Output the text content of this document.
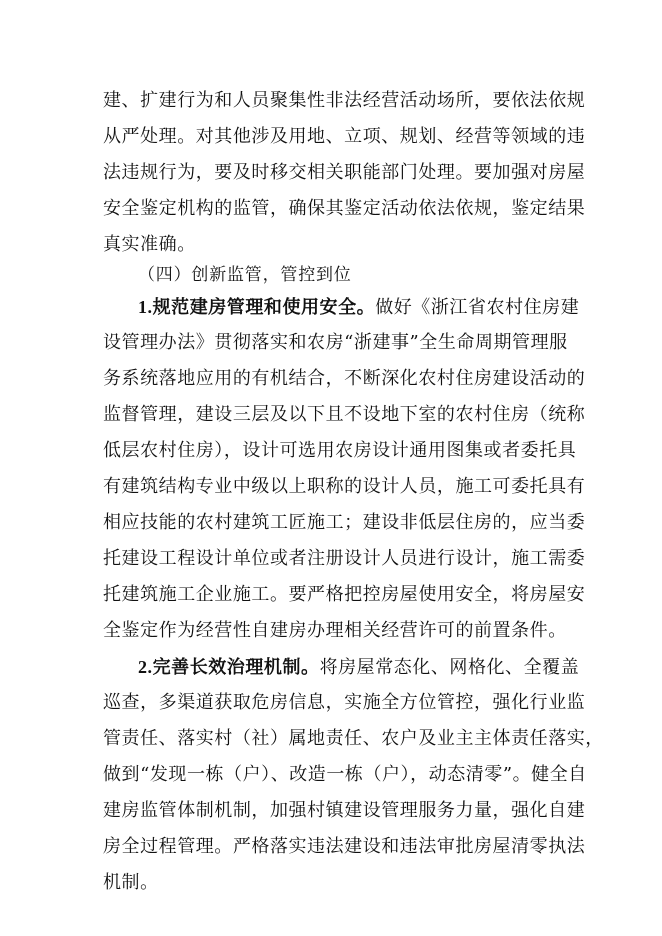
建、扩建行为和人员聚集性非法经营活动场所，要依法依规
从严处理。对其他涉及用地、立项、规划、经营等领域的违
法违规行为，要及时移交相关职能部门处理。要加强对房屋
安全鉴定机构的监管，确保其鉴定活动依法依规，鉴定结果
真实准确。
（四）创新监管，管控到位
1.规范建房管理和使用安全。做好《浙江省农村住房建
设管理办法》贯彻落实和农房“浙建事”全生命周期管理服
务系统落地应用的有机结合，不断深化农村住房建设活动的
监督管理，建设三层及以下且不设地下室的农村住房（统称
低层农村住房），设计可选用农房设计通用图集或者委托具
有建筑结构专业中级以上职称的设计人员，施工可委托具有
相应技能的农村建筑工匠施工；建设非低层住房的，应当委
托建设工程设计单位或者注册设计人员进行设计，施工需委
托建筑施工企业施工。要严格把控房屋使用安全，将房屋安
全鉴定作为经营性自建房办理相关经营许可的前置条件。
2.完善长效治理机制。将房屋常态化、网格化、全覆盖
巡查，多渠道获取危房信息，实施全方位管控，强化行业监
管责任、落实村（社）属地责任、农户及业主主体责任落实，
做到“发现一栋（户）、改造一栋（户），动态清零”。健全自
建房监管体制机制，加强村镇建设管理服务力量，强化自建
房全过程管理。严格落实违法建设和违法审批房屋清零执法
机制。
